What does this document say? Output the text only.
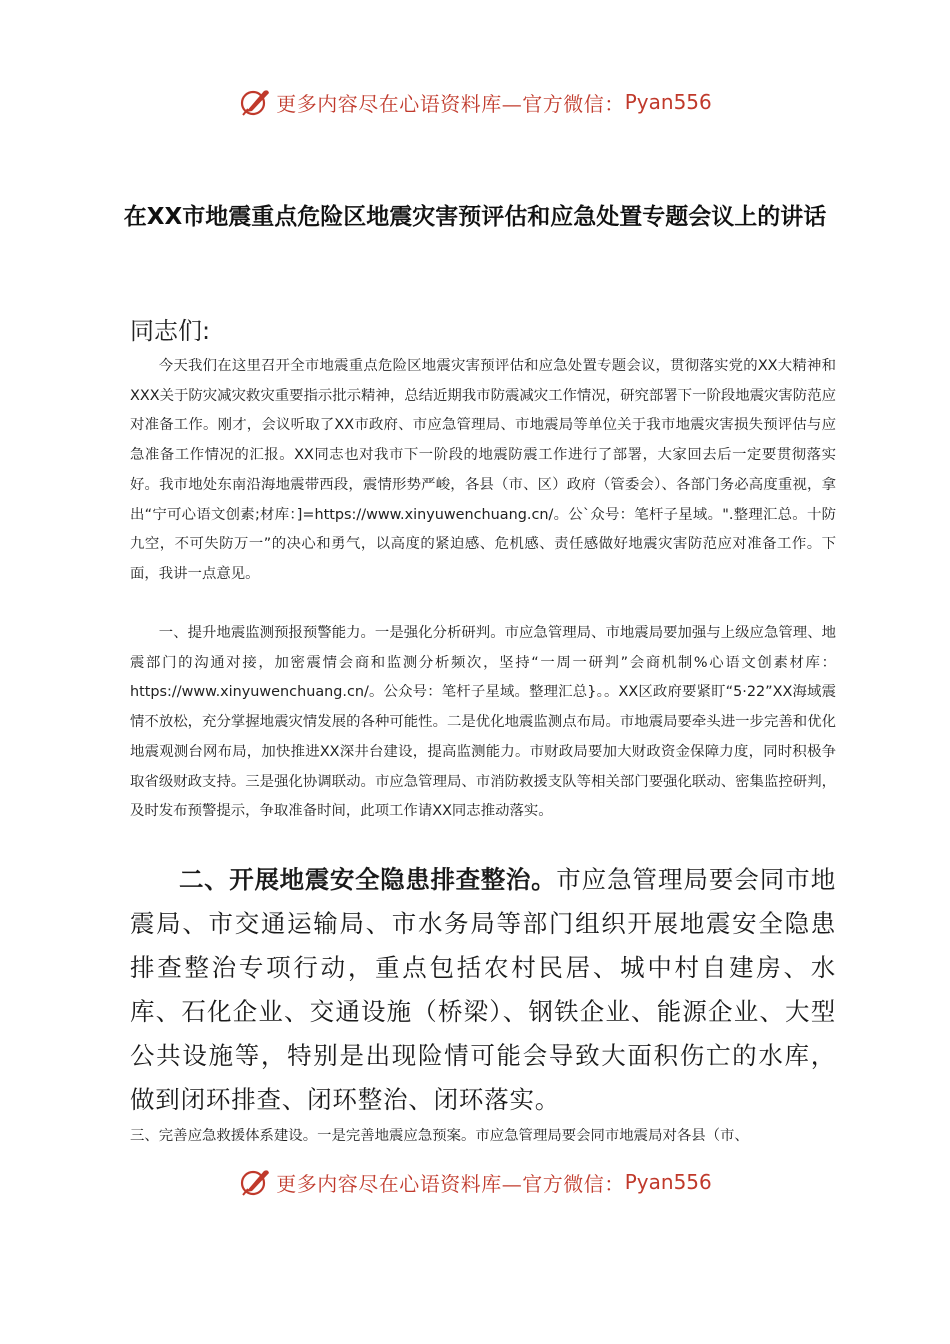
更多内容尽在心语资料库—官方微信： Pyan556
在XX市地震重点危险区地震灾害预评估和应急处置专题会议上的讲话
同志们:
今天我们在这里召开全市地震重点危险区地震灾害预评估和应急处置专题会议，贯彻落实党的XX大精神和XXX关于防灾减灾救灾重要指示批示精神，总结近期我市防震减灾工作情况，研究部署下一阶段地震灾害防范应对准备工作。刚才，会议听取了XX市政府、市应急管理局、市地震局等单位关于我市地震灾害损失预评估与应急准备工作情况的汇报。XX同志也对我市下一阶段的地震防震工作进行了部署，大家回去后一定要贯彻落实好。我市地处东南沿海地震带西段，震情形势严峻，各县（市、区）政府（管委会）、各部门务必高度重视，拿出“宁可心语文创素;材库：]=https://www.xinyuwenchuang.cn/。公`众号：笔杆子星域。".整理汇总。十防九空，不可失防万一”的决心和勇气，以高度的紧迫感、危机感、责任感做好地震灾害防范应对准备工作。下面，我讲一点意见。
一、提升地震监测预报预警能力。一是强化分析研判。市应急管理局、市地震局要加强与上级应急管理、地震部门的沟通对接，加密震情会商和监测分析频次，坚持“一周一研判”会商机制%心语文创素材库：https://www.xinyuwenchuang.cn/。公众号：笔杆子星域。整理汇总}。。XX区政府要紧盯“5·22”XX海域震情不放松，充分掌握地震灾情发展的各种可能性。二是优化地震监测点布局。市地震局要牵头进一步完善和优化地震观测台网布局，加快推进XX深井台建设，提高监测能力。市财政局要加大财政资金保障力度，同时积极争取省级财政支持。三是强化协调联动。市应急管理局、市消防救援支队等相关部门要强化联动、密集监控研判，及时发布预警提示，争取准备时间，此项工作请XX同志推动落实。
二、开展地震安全隐患排查整治。市应急管理局要会同市地震局、市交通运输局、市水务局等部门组织开展地震安全隐患排查整治专项行动，重点包括农村民居、城中村自建房、水库、石化企业、交通设施（桥梁）、钢铁企业、能源企业、大型公共设施等，特别是出现险情可能会导致大面积伤亡的水库，做到闭环排查、闭环整治、闭环落实。
三、完善应急救援体系建设。一是完善地震应急预案。市应急管理局要会同市地震局对各县（市、
更多内容尽在心语资料库—官方微信： Pyan556
